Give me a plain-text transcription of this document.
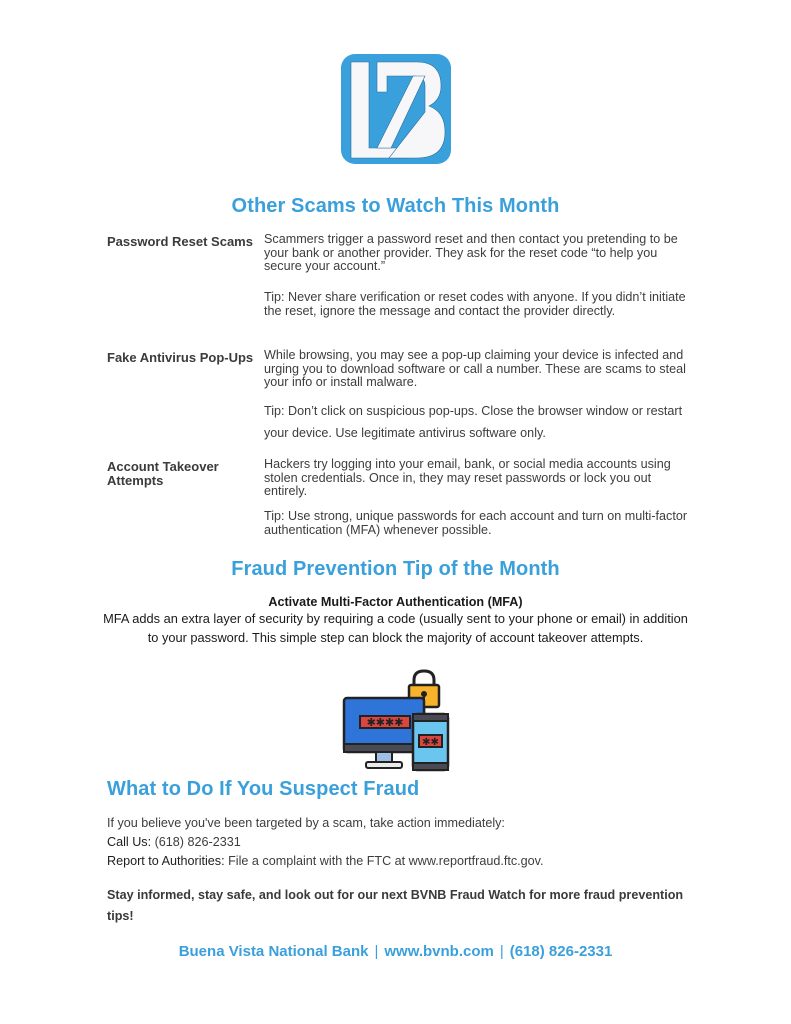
Other Scams to Watch This Month
Password Reset Scams Scammers trigger a password reset and then contact you pretending to be your bank or another provider. They ask for the reset code “to help you secure your account.”
Tip: Never share verification or reset codes with anyone. If you didn’t initiate the reset, ignore the message and contact the provider directly.
Fake Antivirus Pop-Ups While browsing, you may see a pop-up claiming your device is infected and urging you to download software or call a number. These are scams to steal your info or install malware.
Tip: Don’t click on suspicious pop-ups. Close the browser window or restart your device. Use legitimate antivirus software only.
Account Takeover Attempts
Hackers try logging into your email, bank, or social media accounts using stolen credentials. Once in, they may reset passwords or lock you out entirely.
Tip: Use strong, unique passwords for each account and turn on multi-factor authentication (MFA) whenever possible.
Fraud Prevention Tip of the Month
Activate Multi-Factor Authentication (MFA)
MFA adds an extra layer of security by requiring a code (usually sent to your phone or email) in addition to your password. This simple step can block the majority of account takeover attempts.
✱✱✱✱
✱✱
What to Do If You Suspect Fraud
If you believe you've been targeted by a scam, take action immediately:
Call Us: (618) 826-2331
Report to Authorities: File a complaint with the FTC at www.reportfraud.ftc.gov.
Stay informed, stay safe, and look out for our next BVNB Fraud Watch for more fraud prevention tips!
Buena Vista National Bank | www.bvnb.com | (618) 826-2331
